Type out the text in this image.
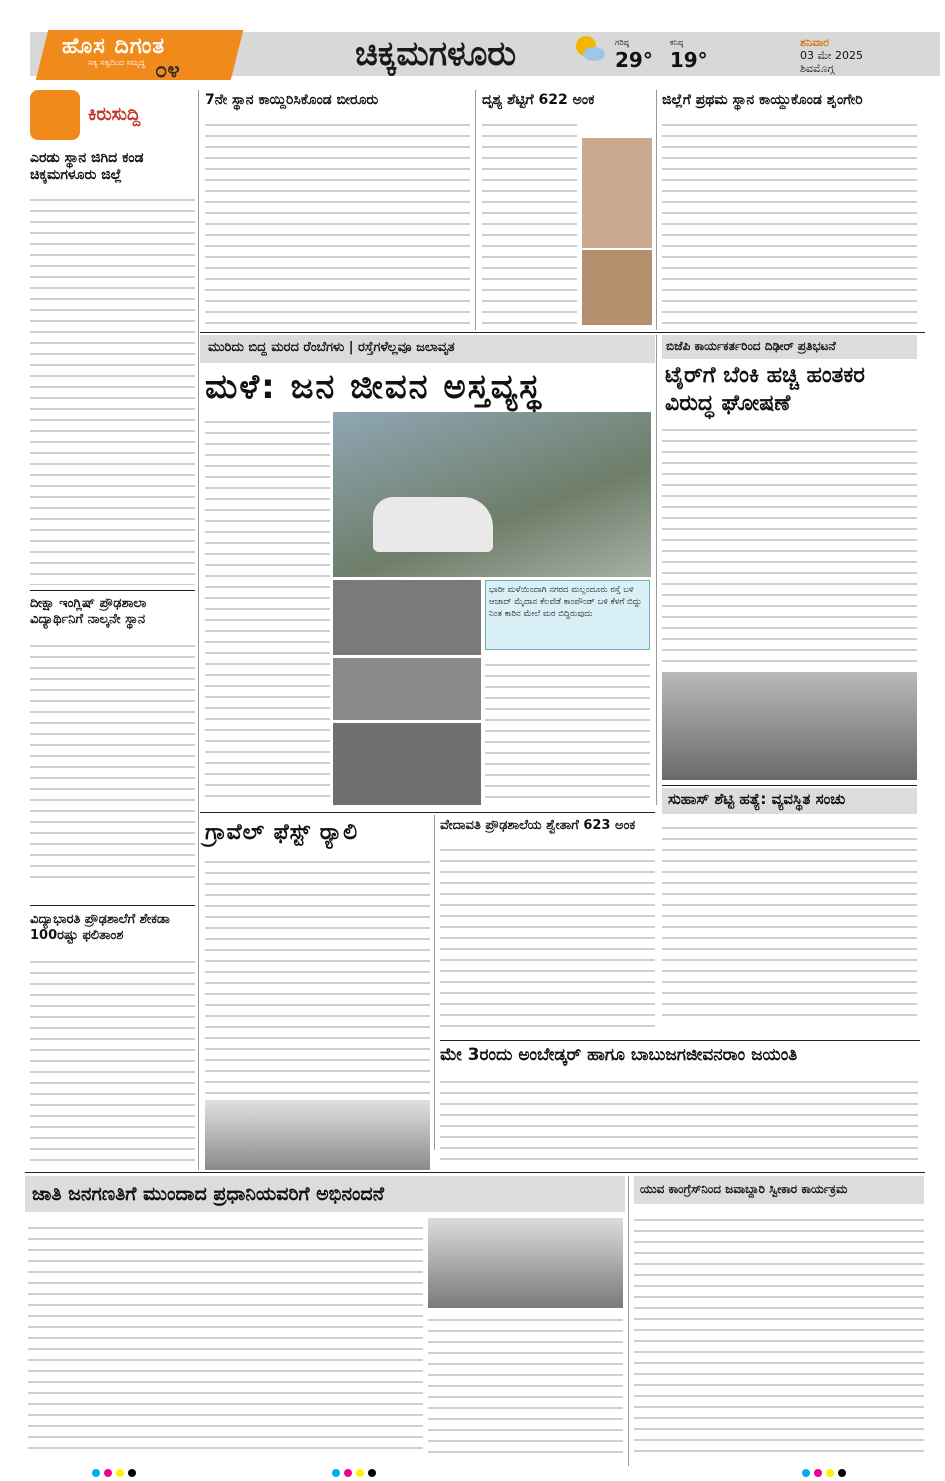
ಹೊಸ ದಿಗಂತ
ಸತ್ಯ ಸತ್ವದಿಂದ ಸಮೃದ್ಧ ೦೪	ಚಿಕ್ಕಮಗಳೂರು	ಗರಿಷ್ಠ
29°
ಕನಿಷ್ಠ
19°
ಶನಿವಾರ
03 ಮೇ 2025
ಶಿವಮೊಗ್ಗ
ಕಿರುಸುದ್ದಿ
ಎರಡು ಸ್ಥಾನ ಜಿಗಿದ ಕಂಡ ಚಿಕ್ಕಮಗಳೂರು ಜಿಲ್ಲೆ
ದೀಕ್ಷಾ ಇಂಗ್ಲಿಷ್ ಪ್ರೌಢಶಾಲಾ ವಿದ್ಯಾರ್ಥಿನಿಗೆ ನಾಲ್ಕನೇ ಸ್ಥಾನ
ವಿದ್ಯಾಭಾರತಿ ಪ್ರೌಢಶಾಲೆಗೆ ಶೇಕಡಾ 100ರಷ್ಟು ಫಲಿತಾಂಶ
7ನೇ ಸ್ಥಾನ ಕಾಯ್ದಿರಿಸಿಕೊಂಡ ಬೀರೂರು	ದೃಶ್ಯ ಶೆಟ್ಟಿಗೆ 622 ಅಂಕ	ಜಿಲ್ಲೆಗೆ ಪ್ರಥಮ ಸ್ಥಾನ ಕಾಯ್ದುಕೊಂಡ ಶೃಂಗೇರಿ
ಮುರಿದು ಬಿದ್ದ ಮರದ ರೆಂಬೆಗಳು | ರಸ್ತೆಗಳೆಲ್ಲವೂ ಜಲಾವೃತ
ಮಳೆ: ಜನ ಜೀವನ ಅಸ್ತವ್ಯಸ್ಥ
ಭಾರೀ ಮಳೆಯಿಂದಾಗಿ ನಗರದ ಮಲ್ಲಂದೂರು ರಸ್ತೆ ಬಳಿ ಆಜಾದ್ ಮೈದಾನ ಕೆಲವೆಡೆ ಕಾಂಪೌಂಡ್ ಬಳಿ ಕೆಳಗೆ ಬಿದ್ದು ನಿಂತ ಕಾರಿನ ಮೇಲೆ ಮರ ಬಿದ್ದಿರುವುದು
ಬಿಜೆಪಿ ಕಾರ್ಯಕರ್ತರಿಂದ ದಿಢೀರ್ ಪ್ರತಿಭಟನೆ
ಟೈರ್‌ಗೆ ಬೆಂಕಿ ಹಚ್ಚಿ ಹಂತಕರ ವಿರುದ್ಧ ಘೋಷಣೆ
ಸುಹಾಸ್ ಶೆಟ್ಟಿ ಹತ್ಯೆ: ವ್ಯವಸ್ಥಿತ ಸಂಚು
ಗ್ರಾವೆಲ್ ಫೆಸ್ಟ್ ರ‍್ಯಾಲಿ	ವೇದಾವತಿ ಪ್ರೌಢಶಾಲೆಯ ಶ್ವೇತಾಗೆ 623 ಅಂಕ
ಮೇ 3ರಂದು ಅಂಬೇಡ್ಕರ್ ಹಾಗೂ ಬಾಬುಜಗಜೀವನರಾಂ ಜಯಂತಿ
ಜಾತಿ ಜನಗಣತಿಗೆ ಮುಂದಾದ ಪ್ರಧಾನಿಯವರಿಗೆ ಅಭಿನಂದನೆ	ಯುವ ಕಾಂಗ್ರೆಸ್‌ನಿಂದ ಜವಾಬ್ದಾರಿ ಸ್ವೀಕಾರ ಕಾರ್ಯಕ್ರಮ
